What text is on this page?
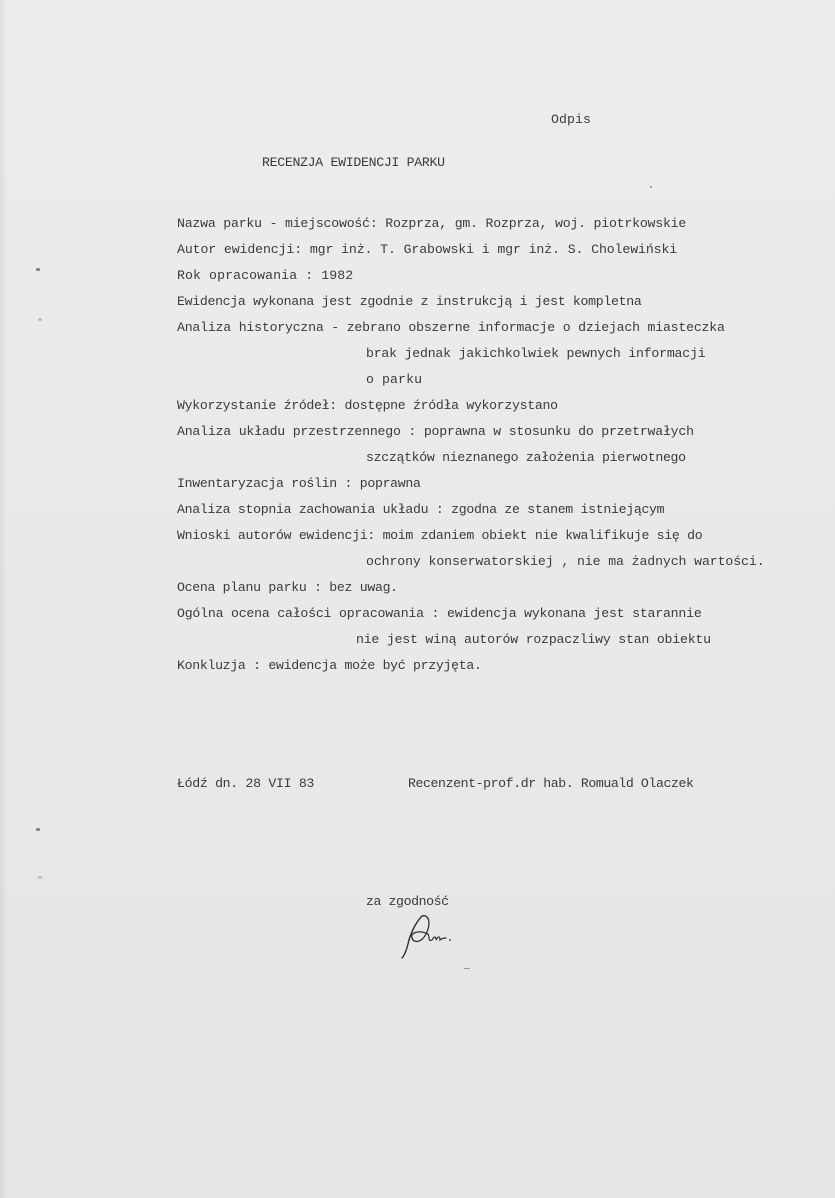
Odpis
RECENZJA EWIDENCJI PARKU
Nazwa parku - miejscowość: Rozprza, gm. Rozprza, woj. piotrkowskie
Autor ewidencji: mgr inż. T. Grabowski i mgr inż. S. Cholewiński
Rok opracowania : 1982
Ewidencja wykonana jest zgodnie z instrukcją i jest kompletna
Analiza historyczna - zebrano obszerne informacje o dziejach miasteczka
brak jednak jakichkolwiek pewnych informacji
o parku
Wykorzystanie źródeł: dostępne źródła wykorzystano
Analiza układu przestrzennego : poprawna w stosunku do przetrwałych
szczątków nieznanego założenia pierwotnego
Inwentaryzacja roślin : poprawna
Analiza stopnia zachowania układu : zgodna ze stanem istniejącym
Wnioski autorów ewidencji: moim zdaniem obiekt nie kwalifikuje się do
ochrony konserwatorskiej , nie ma żadnych wartości.
Ocena planu parku : bez uwag.
Ogólna ocena całości opracowania : ewidencja wykonana jest starannie
nie jest winą autorów rozpaczliwy stan obiektu
Konkluzja : ewidencja może być przyjęta.
Łódź dn. 28 VII 83	Recenzent-prof.dr hab. Romuald Olaczek
za zgodność
